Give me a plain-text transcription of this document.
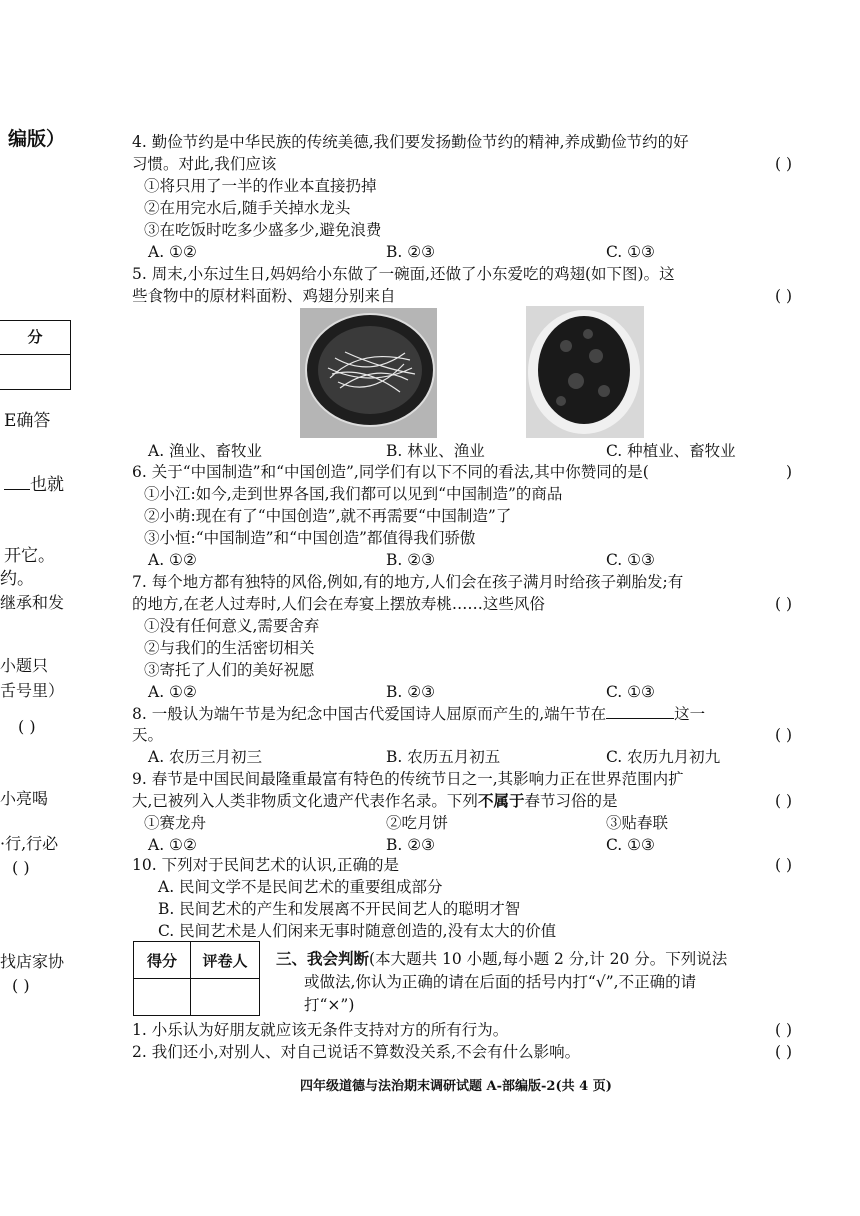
编版）
分
E确答
也就
开它。
约。
继承和发
小题只
舌号里）
( )
小亮喝
·行,行必
( )
找店家协
( )
4. 勤俭节约是中华民族的传统美德,我们要发扬勤俭节约的精神,养成勤俭节约的好
习惯。对此,我们应该	( )
①将只用了一半的作业本直接扔掉
②在用完水后,随手关掉水龙头
③在吃饭时吃多少盛多少,避免浪费
A. ①②	B. ②③	C. ①③
5. 周末,小东过生日,妈妈给小东做了一碗面,还做了小东爱吃的鸡翅(如下图)。这
些食物中的原材料面粉、鸡翅分别来自	( )
A. 渔业、畜牧业	B. 林业、渔业	C. 种植业、畜牧业
6. 关于“中国制造”和“中国创造”,同学们有以下不同的看法,其中你赞同的是(	)
①小江:如今,走到世界各国,我们都可以见到“中国制造”的商品
②小萌:现在有了“中国创造”,就不再需要“中国制造”了
③小恒:“中国制造”和“中国创造”都值得我们骄傲
A. ①②	B. ②③	C. ①③
7. 每个地方都有独特的风俗,例如,有的地方,人们会在孩子满月时给孩子剃胎发;有
的地方,在老人过寿时,人们会在寿宴上摆放寿桃……这些风俗	( )
①没有任何意义,需要舍弃
②与我们的生活密切相关
③寄托了人们的美好祝愿
A. ①②	B. ②③	C. ①③
8. 一般认为端午节是为纪念中国古代爱国诗人屈原而产生的,端午节在	这一
天。	( )
A. 农历三月初三	B. 农历五月初五	C. 农历九月初九
9. 春节是中国民间最隆重最富有特色的传统节日之一,其影响力正在世界范围内扩
大,已被列入人类非物质文化遗产代表作名录。下列不属于春节习俗的是	( )
①赛龙舟	②吃月饼	③贴春联
A. ①②	B. ②③	C. ①③
10. 下列对于民间艺术的认识,正确的是	( )
A. 民间文学不是民间艺术的重要组成部分
B. 民间艺术的产生和发展离不开民间艺人的聪明才智
C. 民间艺术是人们闲来无事时随意创造的,没有太大的价值
得分	评卷人
	三、我会判断(本大题共 10 小题,每小题 2 分,计 20 分。下列说法
或做法,你认为正确的请在后面的括号内打“√”,不正确的请
打“×”)
1. 小乐认为好朋友就应该无条件支持对方的所有行为。	( )
2. 我们还小,对别人、对自己说话不算数没关系,不会有什么影响。	( )
四年级道德与法治期末调研试题 A-部编版-2(共 4 页)
